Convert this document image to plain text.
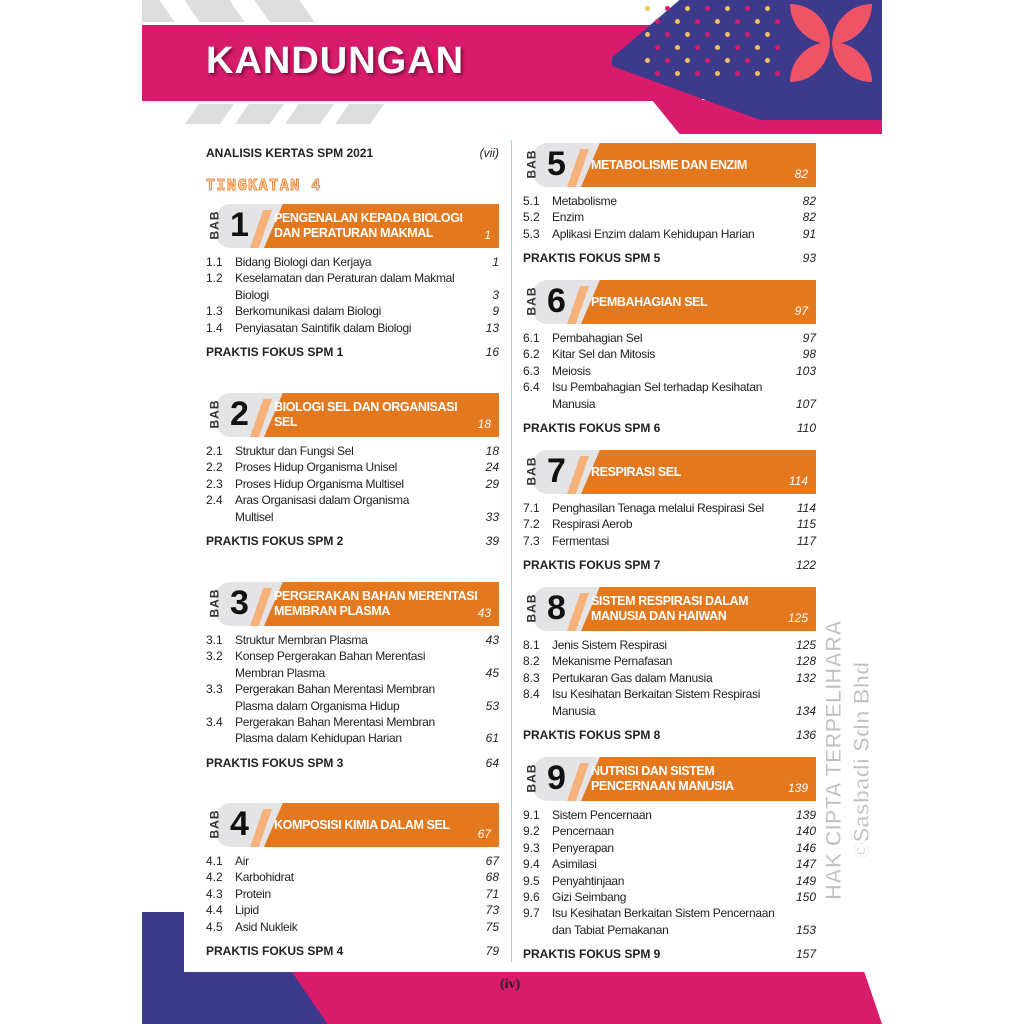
KANDUNGAN
ANALISIS KERTAS SPM 2021	(vii)
TINGKATAN 4
BAB 1 PENGENALAN KEPADA BIOLOGI
DAN PERATURAN MAKMAL	1
1.1	Bidang Biologi dan Kerjaya	1
1.2	Keselamatan dan Peraturan dalam Makmal
Biologi	3
1.3	Berkomunikasi dalam Biologi	9
1.4	Penyiasatan Saintifik dalam Biologi	13
PRAKTIS FOKUS SPM 1	16
BAB 2 BIOLOGI SEL DAN ORGANISASI
SEL	18
2.1	Struktur dan Fungsi Sel	18
2.2	Proses Hidup Organisma Unisel	24
2.3	Proses Hidup Organisma Multisel	29
2.4	Aras Organisasi dalam Organisma
Multisel	33
PRAKTIS FOKUS SPM 2	39
BAB 3 PERGERAKAN BAHAN MERENTASI
MEMBRAN PLASMA	43
3.1	Struktur Membran Plasma	43
3.2	Konsep Pergerakan Bahan Merentasi
Membran Plasma	45
3.3	Pergerakan Bahan Merentasi Membran
Plasma dalam Organisma Hidup	53
3.4	Pergerakan Bahan Merentasi Membran
Plasma dalam Kehidupan Harian	61
PRAKTIS FOKUS SPM 3	64
BAB 4 KOMPOSISI KIMIA DALAM SEL
67
4.1	Air	67
4.2	Karbohidrat	68
4.3	Protein	71
4.4	Lipid	73
4.5	Asid Nukleik	75
PRAKTIS FOKUS SPM 4	79
BAB 5 METABOLISME DAN ENZIM
82
5.1	Metabolisme	82
5.2	Enzim	82
5.3	Aplikasi Enzim dalam Kehidupan Harian	91
PRAKTIS FOKUS SPM 5	93
BAB 6 PEMBAHAGIAN SEL
97
6.1	Pembahagian Sel	97
6.2	Kitar Sel dan Mitosis	98
6.3	Meiosis	103
6.4	Isu Pembahagian Sel terhadap Kesihatan
Manusia	107
PRAKTIS FOKUS SPM 6	110
BAB 7 RESPIRASI SEL
114
7.1	Penghasilan Tenaga melalui Respirasi Sel	114
7.2	Respirasi Aerob	115
7.3	Fermentasi	117
PRAKTIS FOKUS SPM 7	122
BAB 8 SISTEM RESPIRASI DALAM
MANUSIA DAN HAIWAN	125
8.1	Jenis Sistem Respirasi	125
8.2	Mekanisme Pernafasan	128
8.3	Pertukaran Gas dalam Manusia	132
8.4	Isu Kesihatan Berkaitan Sistem Respirasi
Manusia	134
PRAKTIS FOKUS SPM 8	136
BAB 9 NUTRISI DAN SISTEM
PENCERNAAN MANUSIA	139
9.1	Sistem Pencernaan	139
9.2	Pencernaan	140
9.3	Penyerapan	146
9.4	Asimilasi	147
9.5	Penyahtinjaan	149
9.6	Gizi Seimbang	150
9.7	Isu Kesihatan Berkaitan Sistem Pencernaan
dan Tabiat Pemakanan	153
PRAKTIS FOKUS SPM 9	157
(iv)
HAK CIPTA TERPELIHARA ©Sasbadi Sdn Bhd
